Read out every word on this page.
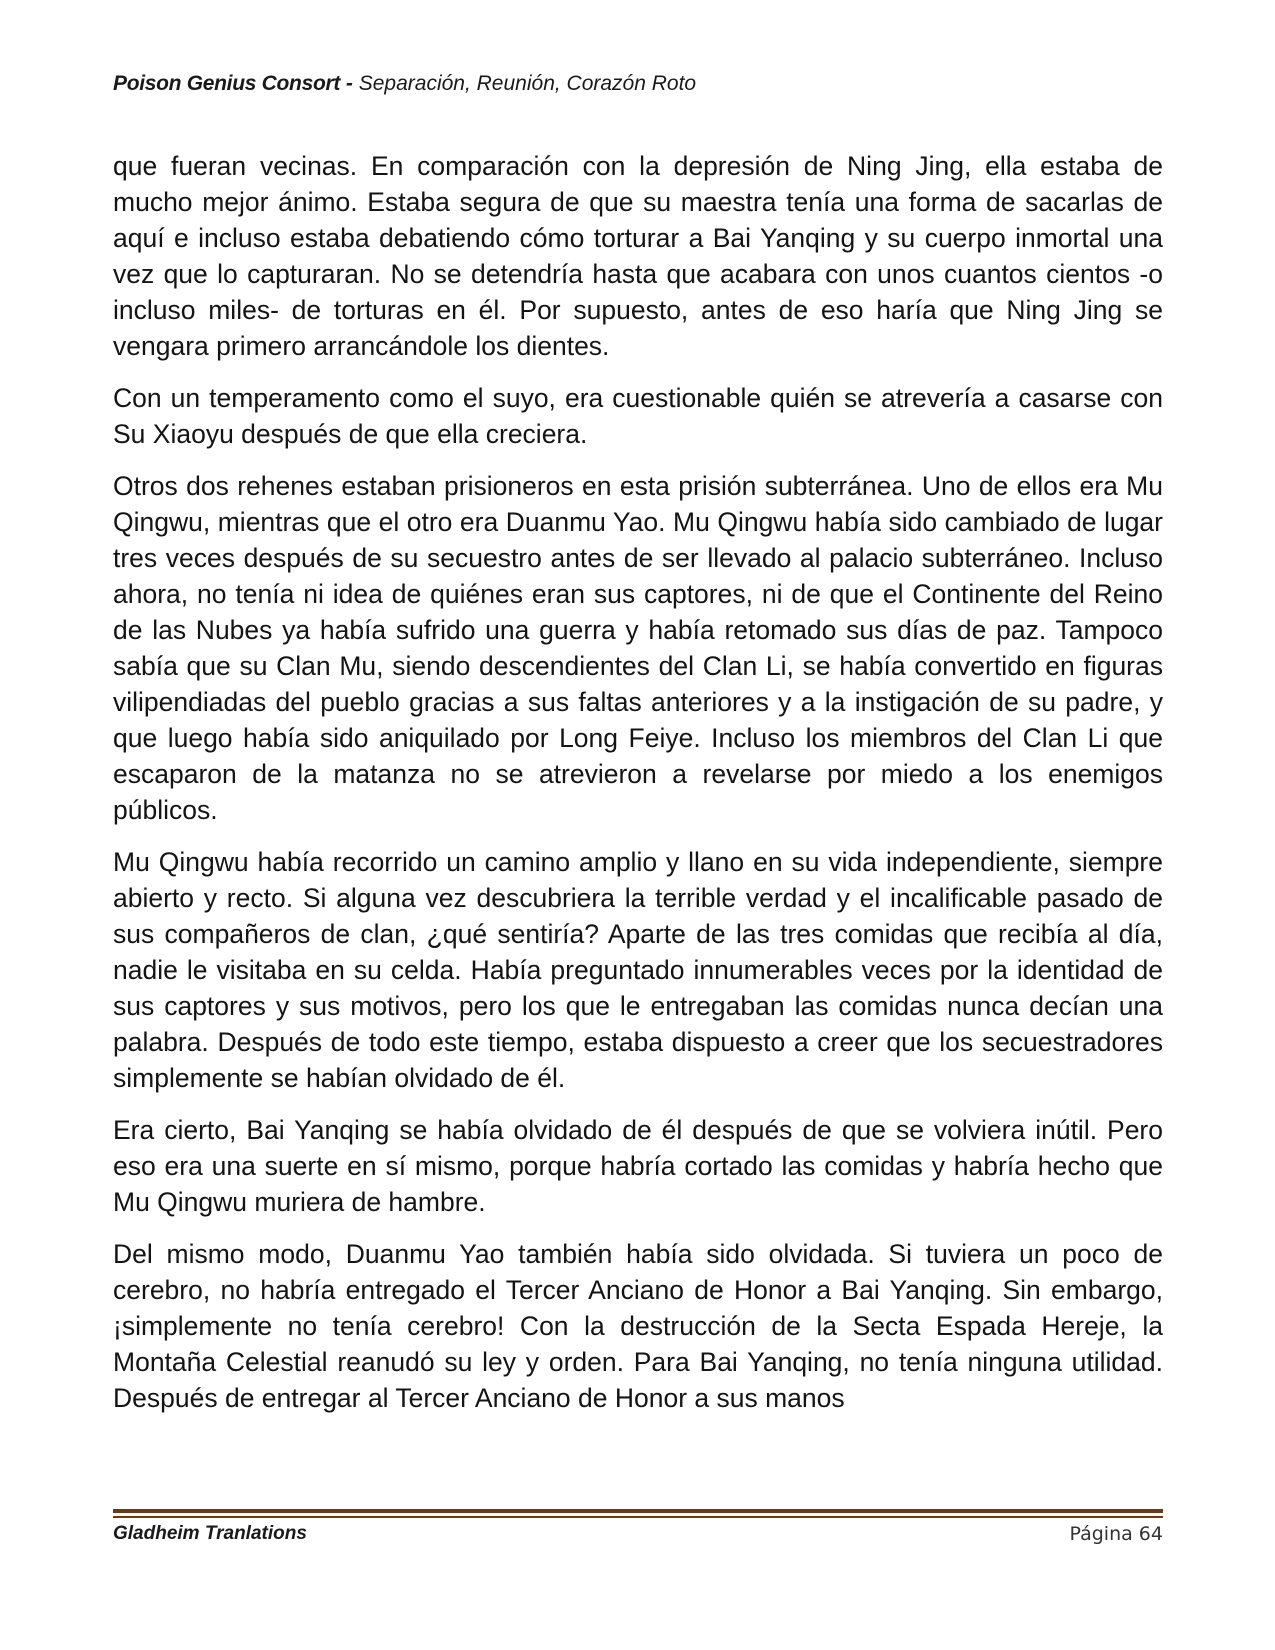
Poison Genius Consort - Separación, Reunión, Corazón Roto

que fueran vecinas. En comparación con la depresión de Ning Jing, ella estaba de mucho mejor ánimo. Estaba segura de que su maestra tenía una forma de sacarlas de aquí e incluso estaba debatiendo cómo torturar a Bai Yanqing y su cuerpo inmortal una vez que lo capturaran. No se detendría hasta que acabara con unos cuantos cientos -o incluso miles- de torturas en él. Por supuesto, antes de eso haría que Ning Jing se vengara primero arrancándole los dientes.

Con un temperamento como el suyo, era cuestionable quién se atrevería a casarse con Su Xiaoyu después de que ella creciera.

Otros dos rehenes estaban prisioneros en esta prisión subterránea. Uno de ellos era Mu Qingwu, mientras que el otro era Duanmu Yao. Mu Qingwu había sido cambiado de lugar tres veces después de su secuestro antes de ser llevado al palacio subterráneo. Incluso ahora, no tenía ni idea de quiénes eran sus captores, ni de que el Continente del Reino de las Nubes ya había sufrido una guerra y había retomado sus días de paz. Tampoco sabía que su Clan Mu, siendo descendientes del Clan Li, se había convertido en figuras vilipendiadas del pueblo gracias a sus faltas anteriores y a la instigación de su padre, y que luego había sido aniquilado por Long Feiye. Incluso los miembros del Clan Li que escaparon de la matanza no se atrevieron a revelarse por miedo a los enemigos públicos.

Mu Qingwu había recorrido un camino amplio y llano en su vida independiente, siempre abierto y recto. Si alguna vez descubriera la terrible verdad y el incalificable pasado de sus compañeros de clan, ¿qué sentiría? Aparte de las tres comidas que recibía al día, nadie le visitaba en su celda. Había preguntado innumerables veces por la identidad de sus captores y sus motivos, pero los que le entregaban las comidas nunca decían una palabra. Después de todo este tiempo, estaba dispuesto a creer que los secuestradores simplemente se habían olvidado de él.

Era cierto, Bai Yanqing se había olvidado de él después de que se volviera inútil. Pero eso era una suerte en sí mismo, porque habría cortado las comidas y habría hecho que Mu Qingwu muriera de hambre.

Del mismo modo, Duanmu Yao también había sido olvidada. Si tuviera un poco de cerebro, no habría entregado el Tercer Anciano de Honor a Bai Yanqing. Sin embargo, ¡simplemente no tenía cerebro! Con la destrucción de la Secta Espada Hereje, la Montaña Celestial reanudó su ley y orden. Para Bai Yanqing, no tenía ninguna utilidad. Después de entregar al Tercer Anciano de Honor a sus manos

Gladheim Tranlations	Página 64
